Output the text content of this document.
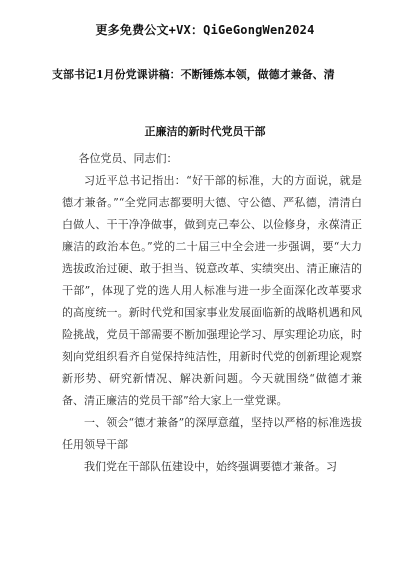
更多免费公文+VX：QiGeGongWen2024
支部书记1月份党课讲稿：不断锤炼本领，做德才兼备、清
正廉洁的新时代党员干部

各位党员、同志们：

习近平总书记指出：“好干部的标准，大的方面说，就是德才兼备。”“全党同志都要明大德、守公德、严私德，清清白白做人、干干净净做事，做到克己奉公、以俭修身，永葆清正廉洁的政治本色。”党的二十届三中全会进一步强调，要“大力选拔政治过硬、敢于担当、锐意改革、实绩突出、清正廉洁的干部”，体现了党的选人用人标准与进一步全面深化改革要求的高度统一。新时代党和国家事业发展面临新的战略机遇和风险挑战，党员干部需要不断加强理论学习、厚实理论功底，时刻向党组织看齐自觉保持纯洁性，用新时代党的创新理论观察新形势、研究新情况、解决新问题。今天就围绕“做德才兼备、清正廉洁的党员干部”给大家上一堂党课。

一、领会“德才兼备”的深厚意蕴，坚持以严格的标准选拔任用领导干部

我们党在干部队伍建设中，始终强调要德才兼备。习
